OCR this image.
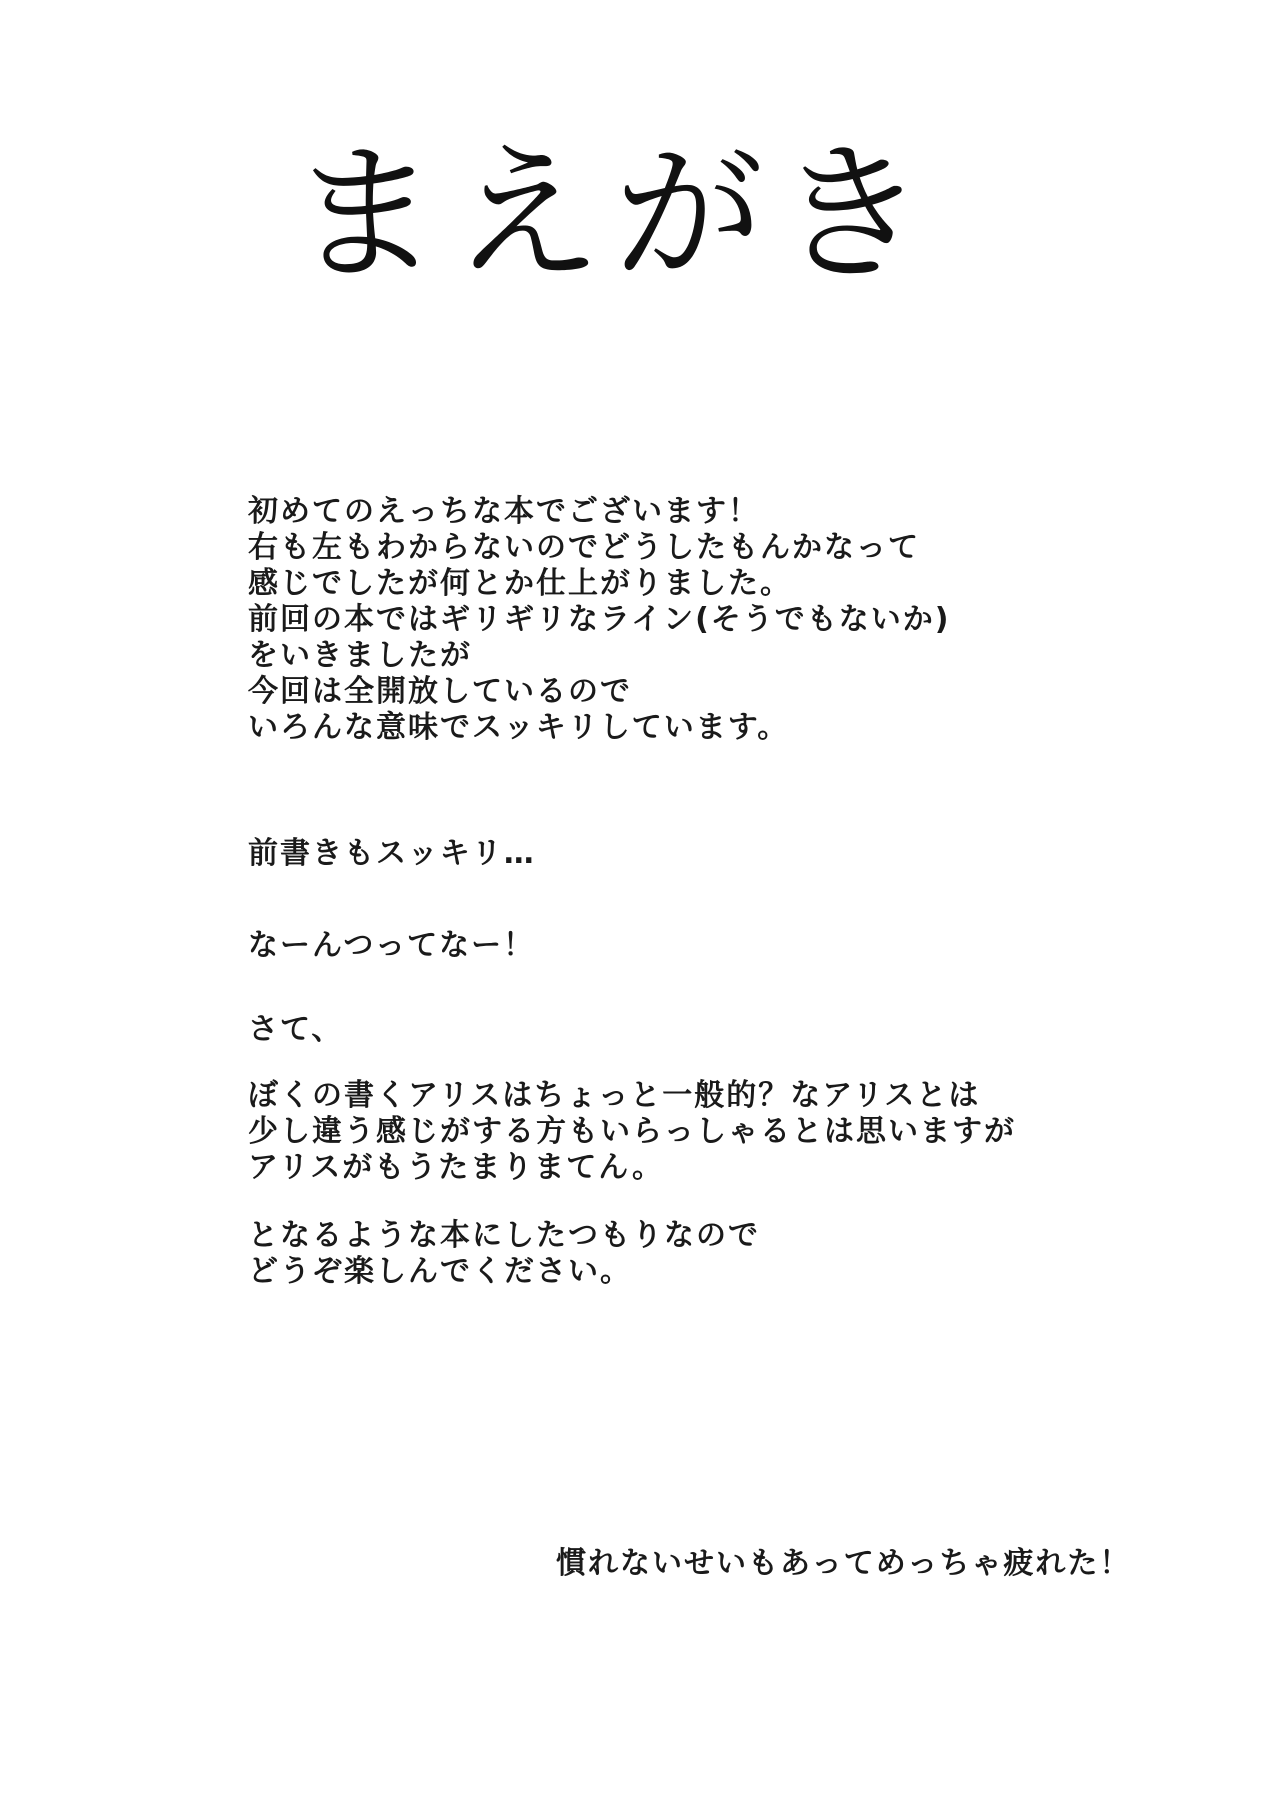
まえがき
初めてのえっちな本でございます！
右も左もわからないのでどうしたもんかなって
感じでしたが何とか仕上がりました。
前回の本ではギリギリなライン(そうでもないか)
をいきましたが
今回は全開放しているので
いろんな意味でスッキリしています。
前書きもスッキリ…
なーんつってなー！
さて、
ぼくの書くアリスはちょっと一般的？なアリスとは
少し違う感じがする方もいらっしゃるとは思いますが
アリスがもうたまりまてん。
となるような本にしたつもりなので
どうぞ楽しんでください。
慣れないせいもあってめっちゃ疲れた！
